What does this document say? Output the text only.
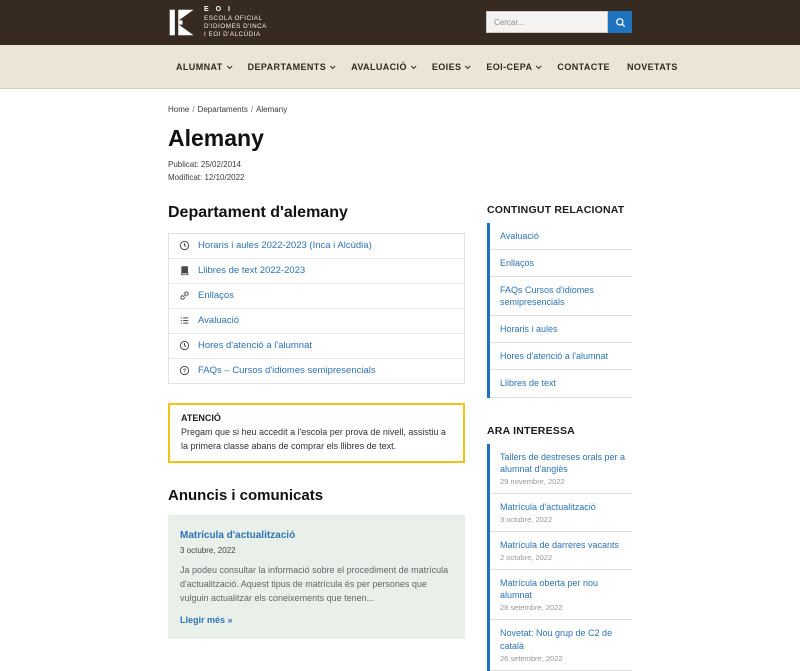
E O I
ESCOLA OFICIAL
D'IDIOMES D'INCA
I EOI D'ALCÚDIA
Cercar...
ALUMNAT	DEPARTAMENTS	AVALUACIÓ	EOIES	EOI-CEPA	CONTACTE NOVETATS
Home / Departaments / Alemany
Alemany
Publicat: 25/02/2014
Modificat: 12/10/2022
Departament d'alemany
Horaris i aules 2022-2023 (Inca i Alcúdia)
Llibres de text 2022-2023
Enllaços
Avaluació
Hores d'atenció a l'alumnat
? FAQs – Cursos d'idiomes semipresencials
ATENCIÓ
Pregam que si heu accedit a l'escola per prova de nivell, assistiu a la primera classe abans de comprar els llibres de text.
Anuncis i comunicats
Matrícula d'actualització
3 octubre, 2022
Ja podeu consultar la informació sobre el procediment de matrícula d'actualització. Aquest tipus de matrícula és per persones que vulguin actualitzar els coneixements que tenen...
Llegir més »
CONTINGUT RELACIONAT
Avaluació
Enllaços
FAQs Cursos d'idiomes semipresencials
Horaris i aules
Hores d'atenció a l'alumnat
Llibres de text
ARA INTERESSA
Tallers de destreses orals per a alumnat d'anglès
29 novembre, 2022
Matrícula d'actualització
3 octubre, 2022
Matrícula de darreres vacants
2 octubre, 2022
Matrícula oberta per nou alumnat
28 setembre, 2022
Novetat: Nou grup de C2 de català
26 setembre, 2022
